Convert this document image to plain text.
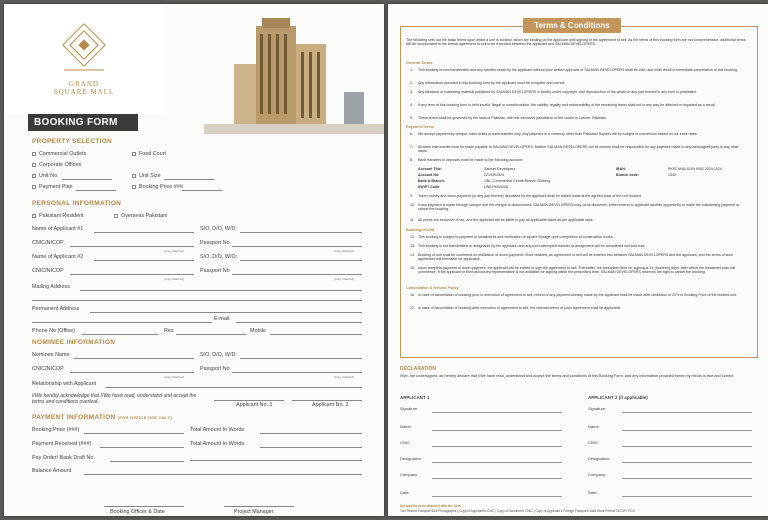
GRAND
SQUARE MALL
BOOKING FORM
PROPERTY SELECTION
Commercial Outlets	Food Court
Corporate Offices
Unit No.	Unit Size
Payment Plan	Booking Price ###
PERSONAL INFORMATION
Pakistani Resident	Overseas Pakistani
Name of Applicant #1	S/O, D/O, W/D:
CNIC/NICOP
(Copy Attached)
Passport No
(Copy Attached)
Name of Applicant #2	S/O, D/O, W/O:
CNIC/NICOP
(Copy Attached)
Passport No
(Copy Attached)
Mailing Address
Permanent Address
E-mail:
Phone No (Office)	Res	Mobile
NOMINEE INFORMATION
Nominee Name	S/O, D/O, W/D:
CNIC/NICOP
(Copy Attached)
Passport No
(Copy Attached)
Relationship with Applicant
I/We hereby acknowledge that I/We have read, understand and accept the terms and conditions overleaf.	Applicant No. 1	Applicant No. 2
PAYMENT INFORMATION (FOR OFFICE USE ONLY)
Booking Price (###)	Total Amount In Words
Payment Received (###)	Total Amount In Words
Pay Order/ Bank Draft No.
Balance Amount
Booking Officer & Date	Project Manager
Terms & Conditions
The following sets out the basic terms upon which a unit is booked, which are binding on the applicant until signing of the agreement to sell. As the terms of this booking form are not comprehensive, additional terms will be incorporated in the formal agreement to sell to be executed between the applicant and SALMAN DEVELOPERS.
General Terms
1. This booking is non-transferable and any transfer made by the applicant without prior written approval of SALMAN DEVELOPERS shall be void, and shall result in immediate cancellation of this booking.
2. Any information provided in this booking form by the applicant must be complete and correct.
3. Any literature or marketing material published by SALMAN DEVELOPERS is strictly under copyright, and reproduction of the whole or any part thereof in any form is prohibited.
4. If any term of this booking form is held invalid, illegal or unenforceable, the validity, legality and enforceability of the remaining terms shall not in any way be affected or impaired as a result.
5. These terms shall be governed by the laws of Pakistan, with the exclusive jurisdiction of the courts in Lahore, Pakistan.
Payment Terms
6. We accept payment by cheque, bank drafts or bank transfer only. Any payment in a currency other than Pakistani Rupees will be subject to conversion based on our bank rates.
7. All bank instruments must be made payable to SALMAN DEVELOPERS. Neither SALMAN DEVELOPERS nor its owners shall be responsible for any payment made to any bank/agent/party in any other name.
8. Bank transfers or deposits must be made to the following account:
Account Title:	Salman Developers
Account No:	2219391524
Bank & Branch:	UBL, Commercial Centre Branch Gulberg
SWIFT Code:	UNILPKKA028
IBAN:	PK97 UNIL 0109 0002 2219 1524
Branch code:	1342
9. Token money and down-payment (or any part thereof) deposited by the applicant shall be added towards the agreed price of the unit booked.
10. If any payment is made through cheque and the cheque is dishonoured, SALMAN DEVELOPERS may, at its discretion, either extend to applicant another opportunity to make the outstanding payment or cancel the booking.
11. All prices are exclusive of tax, and the applicant will be liable to pay all applicable taxes as per applicable laws.
Booking of Unit
12. This booking is subject to payment of instalments and verification of square footage upon completion of construction works.
13. This booking is not transferable or assignable by the applicant, and any such attempted transfer or assignment will be considered null and void.
14. Booking of unit shall be confirmed on realization of down-payment. Once realized, an agreement to sell will be entered into between SALMAN DEVELOPERS and the applicant, and the terms of such agreement will thereafter be applicable.
15. Upon complete payment of down-payment, the applicant will be invited to sign the agreement to sell. Thereafter, the prescribed time for signing is 14 (fourteen) days, after which the instalment plan will commence. If the applicant or their authorized representative is not available for signing within the prescribed time, SALMAN DEVELOPERS reserves the right to cancel the booking.
Cancellation & Refund Policy
16. In case of cancellation of booking prior to execution of agreement to sell, refund of any payment already made by the applicant shall be made after deduction of 20% of Booking Price of the booked unit.
17. In case of cancellation of booking after execution of agreement to sell, the relevant terms of such agreement shall be applicable.
DECLARATION
I/We, the undersigned, do hereby declare that I/We have read, understand and accept the terms and conditions of this Booking Form, and any information provided herein by me/us is true and correct.
APPLICANT 1	APPLICANT 2 (if applicable)
Signature:
Name:
CNIC:
Designation:
Company:
Date:
Signature:
Name:
CNIC:
Designation:
Company:
Date:
Documents to be attached with the form
Two Recent Passport Size Photographs | Copy of Applicant's CNIC | Copy of Nominee's CNIC | Copy of Applicant's Foreign Passport/ Valid Work Permit/ NICOP/ POC
